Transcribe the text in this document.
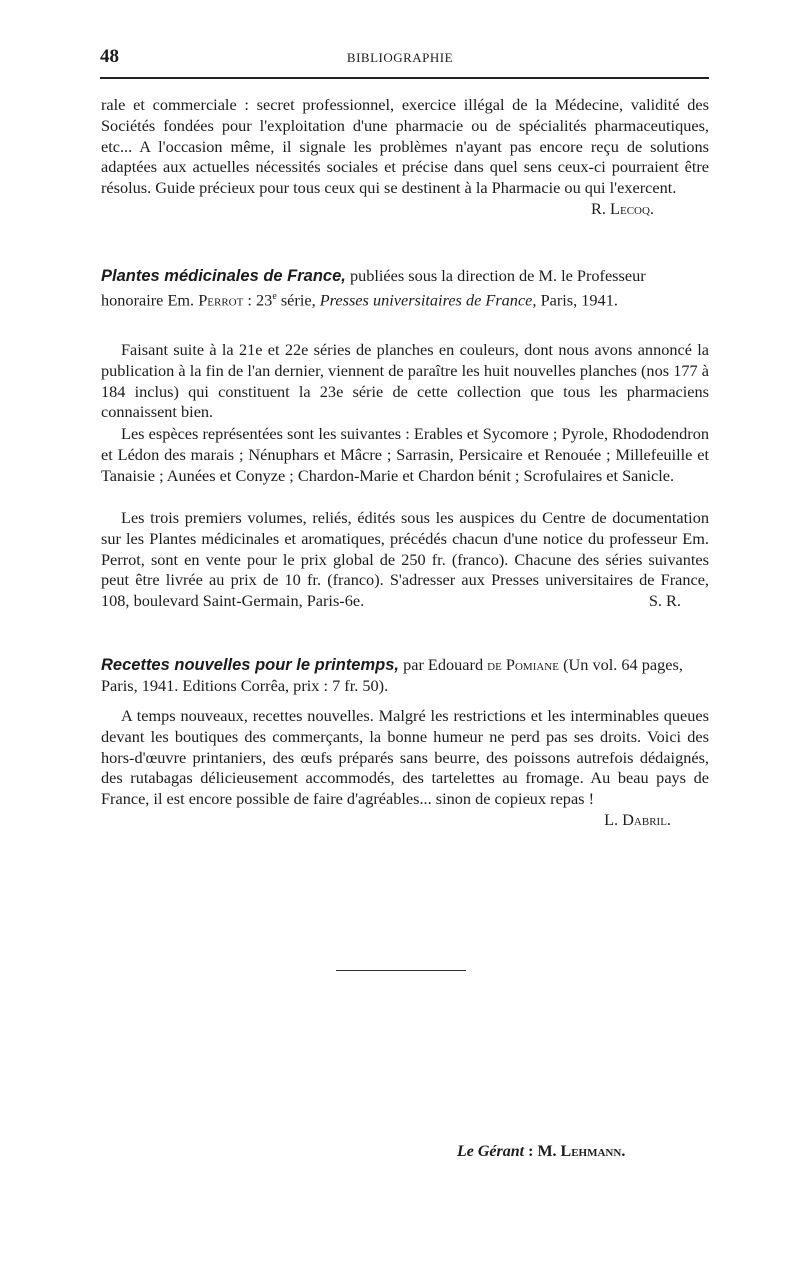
48	BIBLIOGRAPHIE
rale et commerciale : secret professionnel, exercice illégal de la Médecine, validité des Sociétés fondées pour l'exploitation d'une pharmacie ou de spécialités pharmaceutiques, etc... A l'occasion même, il signale les problèmes n'ayant pas encore reçu de solutions adaptées aux actuelles nécessités sociales et précise dans quel sens ceux-ci pourraient être résolus. Guide précieux pour tous ceux qui se destinent à la Pharmacie ou qui l'exercent.
R. Lecoq.
Plantes médicinales de France, publiées sous la direction de M. le Professeur honoraire Em. Perrot : 23e série, Presses universitaires de France, Paris, 1941.
Faisant suite à la 21e et 22e séries de planches en couleurs, dont nous avons annoncé la publication à la fin de l'an dernier, viennent de paraître les huit nouvelles planches (nos 177 à 184 inclus) qui constituent la 23e série de cette collection que tous les pharmaciens connaissent bien.
Les espèces représentées sont les suivantes : Erables et Sycomore ; Pyrole, Rhododendron et Lédon des marais ; Nénuphars et Mâcre ; Sarrasin, Persicaire et Renouée ; Millefeuille et Tanaisie ; Aunées et Conyze ; Chardon-Marie et Chardon bénit ; Scrofulaires et Sanicle.
Les trois premiers volumes, reliés, édités sous les auspices du Centre de documentation sur les Plantes médicinales et aromatiques, précédés chacun d'une notice du professeur Em. Perrot, sont en vente pour le prix global de 250 fr. (franco). Chacune des séries suivantes peut être livrée au prix de 10 fr. (franco). S'adresser aux Presses universitaires de France, 108, boulevard Saint-Germain, Paris-6e.	S. R.
Recettes nouvelles pour le printemps, par Edouard de Pomiane (Un vol. 64 pages, Paris, 1941. Editions Corrêa, prix : 7 fr. 50).
A temps nouveaux, recettes nouvelles. Malgré les restrictions et les interminables queues devant les boutiques des commerçants, la bonne humeur ne perd pas ses droits. Voici des hors-d'œuvre printaniers, des œufs préparés sans beurre, des poissons autrefois dédaignés, des rutabagas délicieusement accommodés, des tartelettes au fromage. Au beau pays de France, il est encore possible de faire d'agréables... sinon de copieux repas !
L. Dabril.
Le Gérant : M. Lehmann.
